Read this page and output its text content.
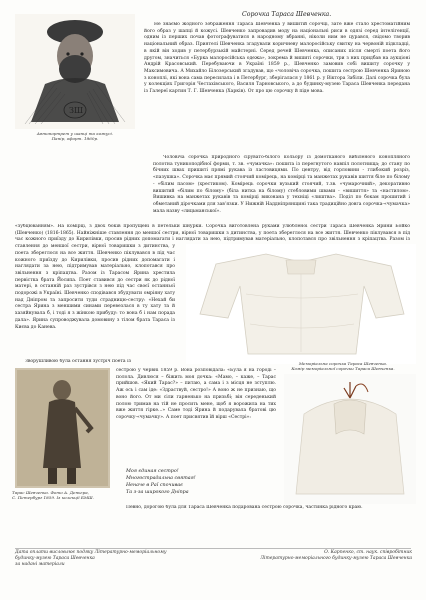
Сорочка Тараса Шевченка.
ЗШ
Автопортрет у шапці та кожусі.
Папір, офорт. 1860р.

Не знаємо жодного зображення Тараса Шевченка у вишитій сорочці, зате вже стало хрестоматійним його образ у шапці й кожусі. Шевченко запровадив моду на національні риси в одязі серед інтелігенції, одним із перших почав фотографуватися в народному вбранні, ніколи ним не цурався, свідомо творив національний образ. Приятелі Шевченка згадували коричневу малоросійську свитку на червоній підкладці, в якій він ходив у петербурзькій майстерні. Серед речей Шевченка, описаних після смерті поета його другом, значиться «Бурка малоросійська одежа», зокрема й вишиті сорочки, три з них придбав на аукціоні Андрій Красовський. Перебуваючи в Україні 1859 р., Шевченко замовив собі вишиту сорочку у Максимовича. А Михайло Білозерський згадував, що «чоловіча сорочка, пошита сестрою Шевченка Яриною з коноплі, які вона сама пересилала і в Петербург, зберігалася у 1861 р. у Віктора Забіли. Далі сорочка була у колекціях Григорія Честахівського, Василя Тарновського, а до будинку-музею Тараса Шевченка передана із Галереї картин Т. Г. Шевченка (Харків). От про цю сорочку й піде мова.

Чоловіча сорочка природного сірувато-білого кольору із домотканого вибіленого конопляного полотна туникоподібної форми, т. зв. «чумачка»: пошита із перегнутого навпіл полотнища; до стану по бічних швах пришиті прямі рукава із ластовицями. По центру, від горловини - глибокий розріз, «пазушка». Сорочка має прямий стоячий комірець, на комірці та манжетах рукавів шиття біле по білому - «білим пасом» (хрестиком). Комірець сорочки вузький стоячий, т.зв. «чумарочний», декоративно вишитий «білим по білому» (біла нитка на білому) стебловими швами - «вишиття» та «настилом». Вишивка на манжетах рукавів та комірці виконана у техніці «лиштва». Поділ по бокам прошитий і обметаний дірочками для завʼязки. У Нижній Наддніпрянщині така традиційно довга сорочка-«чумачка» мала назву «лицьманської».

«зубцюванням». На комірці, з двох боків пропущені в петельки шнурки. Сорочка виготовлена руками улюбленої сестри Тараса Шевченка Ярини Бойко (Шевченко) (1816-1865). Найніжніше ставлення до меншої сестри, вірної товаришки з дитинства, у поета збереглося на все життя. Шевченко піклувався в під час кожного приїзду до Кирилівки, просив рідних допомагати і наглядати за нею, підтримував матеріально, клопотався про звільнення з кріпацтва. Разом із

ставлення до меншої сестри, вірної товаришки з дитинства, у поета збереглося на все життя. Шевченко піклувався в під час кожного приїзду до Кирилівки, просив рідних допомагати і наглядати за нею, підтримував матеріально, клопотався про звільнення з кріпацтва. Разом із Тарасом Ярина хрестила первістка брата Йосипа. Поет ставився до сестри як до рідної матері, в останній раз зустрівся з нею під час своєї останньої подорожі в Україні. Шевченко сподівався збудувати омріяну хату над Дніпром та запросити туди страдницю-сестру: «Нехай би сестра Ярина з меншими синами перевезлася в ту хату та й хазяйнувала б, і тоді я з жінкою прибуду: то вона б і нам порада дала». Ярина супроводжувала домовину з тілом брата Тараса із Києва до Канева.

Меморіальна сорочка Тараса Шевченка.
Комір меморіальної сорочки Тараса Шевченка.

Зворушливою була остання зустріч поета із

Тарас Шевченко. Фото А. Деньєра,
С. Петербург 1859. Із колекції БМШ.

сестрою у червні 1859 р. Вона розповідала: «Була я на городі – полола. Дивлюся – біжить моя дочка: «Мамо, – каже, – Тарас прийшов. «Який Тарас?» – питаю, а сама і з місця не зступлю. Аж ось і сам іде: «Здраствуй, сестро!» А воно ж не признаю, що воно його. От ми сіли гарненько на призьбі; він середенький полою тримав на тій не просить мене, щоб я ворожила на тих вже життя гірке...» Саме тоді Ярина й подарувала братові цю сорочку-«чумачку». А поет присвятив їй вірш «Сестрі»:

Моя єдиная сестро!
Многострадальна святая!
Неначе в Раї спочиває
Та з-за широкого Дніпра

Певно, дорогою була для Тараса Шевченка подарована сестрою сорочка, частинка рідного краю.

Дата оплати висловлює подяку Літературно-меморіальному
будинку-музею Тараса Шевченка
за надані матеріали
О. Карпенко, ст. наук. співробітник
Літературно-меморіального будинку-музею Тараса Шевченка
